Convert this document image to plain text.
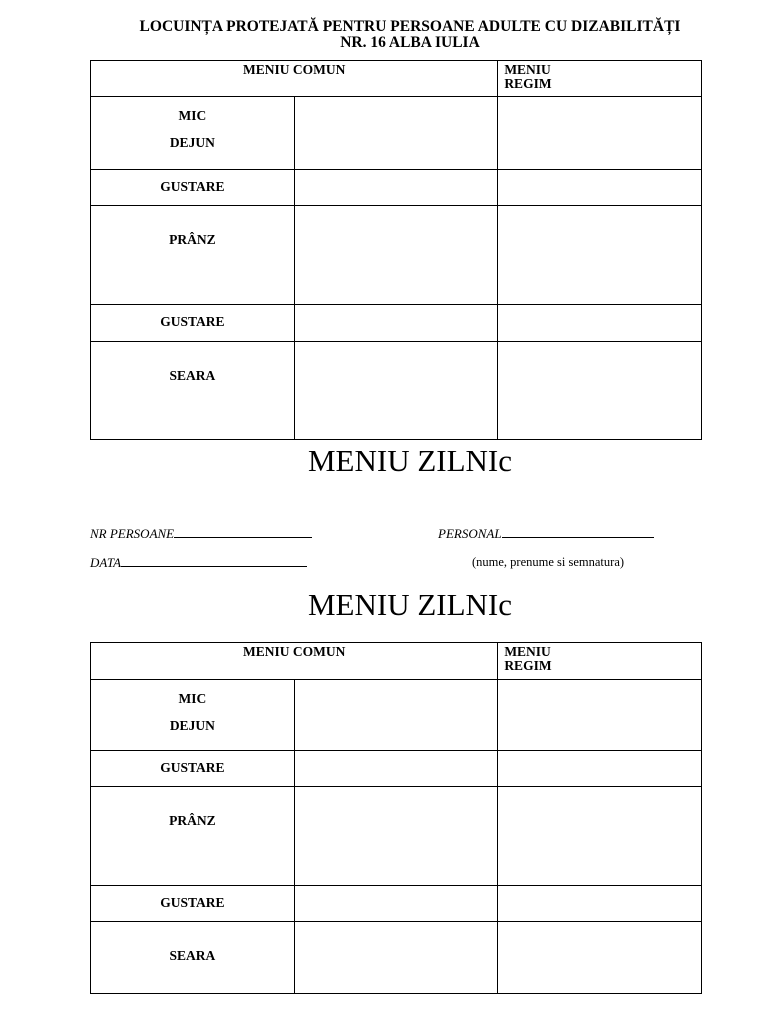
LOCUINȚA PROTEJATĂ PENTRU PERSOANE ADULTE CU DIZABILITĂȚI
NR. 16 ALBA IULIA
MENIU COMUN		MENIU
REGIM

MIC
DEJUN		

GUSTARE		
PRÂNZ		
GUSTARE		
SEARA		
MENIU ZILNIc
NR PERSOANE	PERSONAL
DATA	(nume, prenume si semnatura)
MENIU ZILNIc
MENIU COMUN		MENIU
REGIM

MIC
DEJUN		

GUSTARE		
PRÂNZ		
GUSTARE		
SEARA		
